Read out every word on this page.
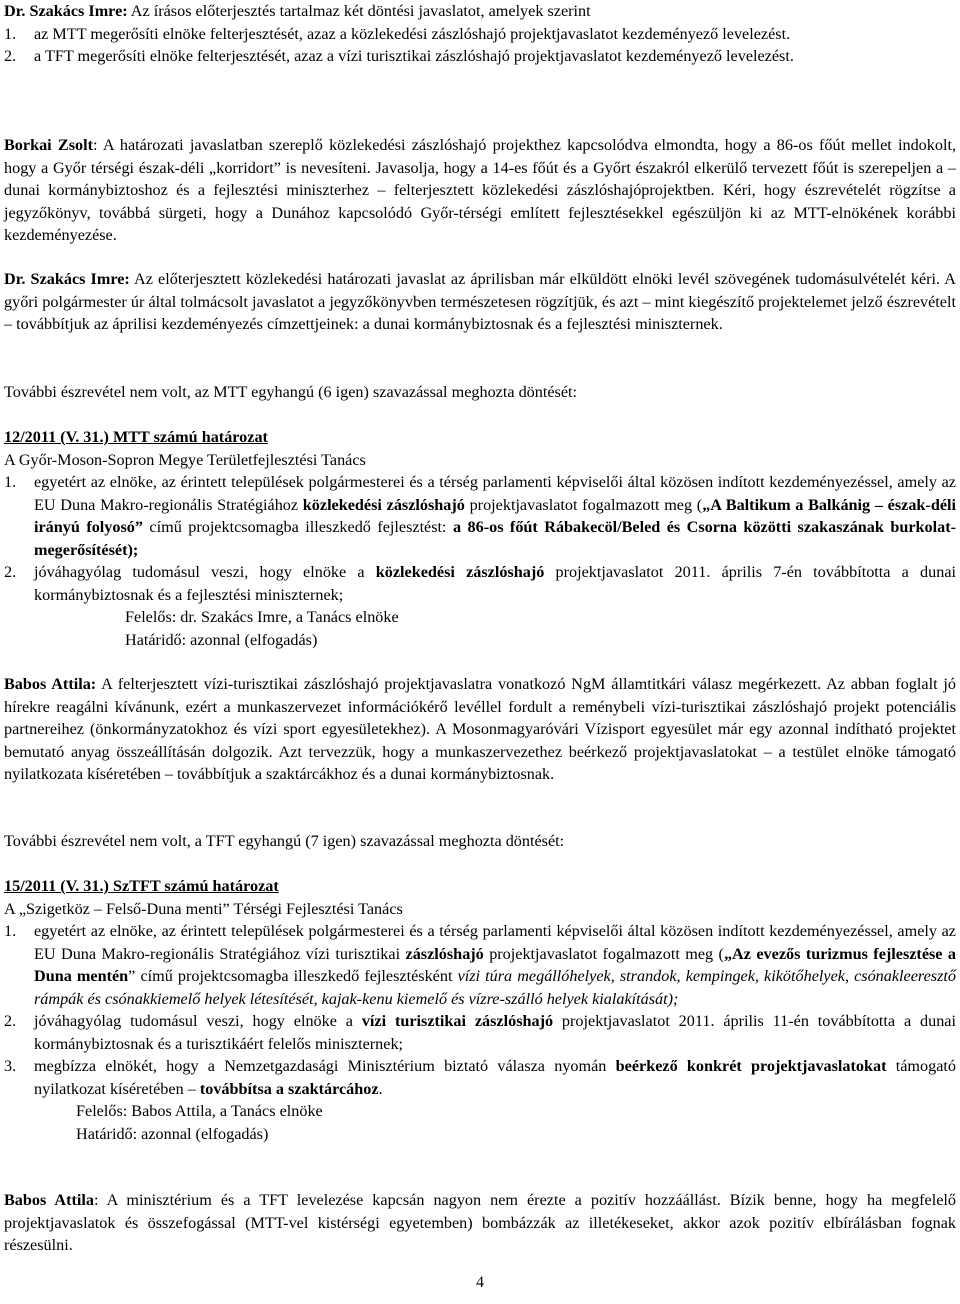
Dr. Szakács Imre: Az írásos előterjesztés tartalmaz két döntési javaslatot, amelyek szerint

1. az MTT megerősíti elnöke felterjesztését, azaz a közlekedési zászlóshajó projektjavaslatot kezdeményező levelezést.
2. a TFT megerősíti elnöke felterjesztését, azaz a vízi turisztikai zászlóshajó projektjavaslatot kezdeményező levelezést.

Borkai Zsolt: A határozati javaslatban szereplő közlekedési zászlóshajó projekthez kapcsolódva elmondta, hogy a 86-os főút mellet indokolt, hogy a Győr térségi észak-déli „korridort” is nevesíteni. Javasolja, hogy a 14-es főút és a Győrt északról elkerülő tervezett főút is szerepeljen a – dunai kormánybiztoshoz és a fejlesztési miniszterhez – felterjesztett közlekedési zászlóshajóprojektben. Kéri, hogy észrevételét rögzítse a jegyzőkönyv, továbbá sürgeti, hogy a Dunához kapcsolódó Győr-térségi említett fejlesztésekkel egészüljön ki az MTT-elnökének korábbi kezdeményezése.

Dr. Szakács Imre: Az előterjesztett közlekedési határozati javaslat az áprilisban már elküldött elnöki levél szövegének tudomásulvételét kéri. A győri polgármester úr által tolmácsolt javaslatot a jegyzőkönyvben természetesen rögzítjük, és azt – mint kiegészítő projektelemet jelző észrevételt – továbbítjuk az áprilisi kezdeményezés címzettjeinek: a dunai kormánybiztosnak és a fejlesztési miniszternek.

További észrevétel nem volt, az MTT egyhangú (6 igen) szavazással meghozta döntését:

12/2011 (V. 31.) MTT számú határozat

A Győr-Moson-Sopron Megye Területfejlesztési Tanács

1. egyetért az elnöke, az érintett települések polgármesterei és a térség parlamenti képviselői által közösen indított kezdeményezéssel, amely az EU Duna Makro-regionális Stratégiához közlekedési zászlóshajó projektjavaslatot fogalmazott meg („A Baltikum a Balkánig – észak-déli irányú folyosó” című projektcsomagba illeszkedő fejlesztést: a 86-os főút Rábakecöl/Beled és Csorna közötti szakaszának burkolat-megerősítését);
2. jóváhagyólag tudomásul veszi, hogy elnöke a közlekedési zászlóshajó projektjavaslatot 2011. április 7-én továbbította a dunai kormánybiztosnak és a fejlesztési miniszternek;

Felelős: dr. Szakács Imre, a Tanács elnöke

Határidő: azonnal (elfogadás)

Babos Attila: A felterjesztett vízi-turisztikai zászlóshajó projektjavaslatra vonatkozó NgM államtitkári válasz megérkezett. Az abban foglalt jó hírekre reagálni kívánunk, ezért a munkaszervezet információkérő levéllel fordult a reménybeli vízi-turisztikai zászlóshajó projekt potenciális partnereihez (önkormányzatokhoz és vízi sport egyesületekhez). A Mosonmagyaróvári Vízisport egyesület már egy azonnal indítható projektet bemutató anyag összeállításán dolgozik. Azt tervezzük, hogy a munkaszervezethez beérkező projektjavaslatokat – a testület elnöke támogató nyilatkozata kíséretében – továbbítjuk a szaktárcákhoz és a dunai kormánybiztosnak.

További észrevétel nem volt, a TFT egyhangú (7 igen) szavazással meghozta döntését:

15/2011 (V. 31.) SzTFT számú határozat

A „Szigetköz – Felső-Duna menti” Térségi Fejlesztési Tanács

1. egyetért az elnöke, az érintett települések polgármesterei és a térség parlamenti képviselői által közösen indított kezdeményezéssel, amely az EU Duna Makro-regionális Stratégiához vízi turisztikai zászlóshajó projektjavaslatot fogalmazott meg („Az evezős turizmus fejlesztése a Duna mentén” című projektcsomagba illeszkedő fejlesztésként vízi túra megállóhelyek, strandok, kempingek, kikötőhelyek, csónakleeresztő rámpák és csónakkiemelő helyek létesítését, kajak-kenu kiemelő és vízre-szálló helyek kialakítását);
2. jóváhagyólag tudomásul veszi, hogy elnöke a vízi turisztikai zászlóshajó projektjavaslatot 2011. április 11-én továbbította a dunai kormánybiztosnak és a turisztikáért felelős miniszternek;
3. megbízza elnökét, hogy a Nemzetgazdasági Minisztérium biztató válasza nyomán beérkező konkrét projektjavaslatokat támogató nyilatkozat kíséretében – továbbítsa a szaktárcához.

Felelős: Babos Attila, a Tanács elnöke

Határidő: azonnal (elfogadás)

Babos Attila: A minisztérium és a TFT levelezése kapcsán nagyon nem érezte a pozitív hozzáállást. Bízik benne, hogy ha megfelelő projektjavaslatok és összefogással (MTT-vel kistérségi egyetemben) bombázzák az illetékeseket, akkor azok pozitív elbírálásban fognak részesülni.

4
